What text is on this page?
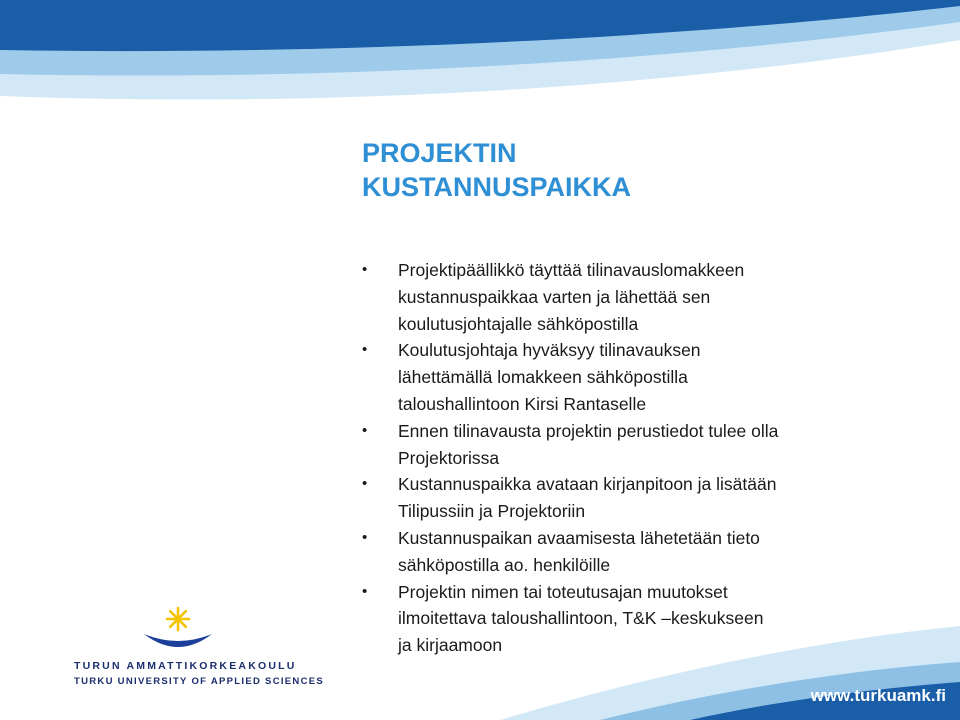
PROJEKTIN
KUSTANNUSPAIKKA
• Projektipäällikkö täyttää tilinavauslomakkeen
kustannuspaikkaa varten ja lähettää sen
koulutusjohtajalle sähköpostilla
• Koulutusjohtaja hyväksyy tilinavauksen
lähettämällä lomakkeen sähköpostilla
taloushallintoon Kirsi Rantaselle
• Ennen tilinavausta projektin perustiedot tulee olla
Projektorissa
• Kustannuspaikka avataan kirjanpitoon ja lisätään
Tilipussiin ja Projektoriin
• Kustannuspaikan avaamisesta lähetetään tieto
sähköpostilla ao. henkilöille
• Projektin nimen tai toteutusajan muutokset
ilmoitettava taloushallintoon, T&K –keskukseen
ja kirjaamoon
TURUN AMMATTIKORKEAKOULU
TURKU UNIVERSITY OF APPLIED SCIENCES
www.turkuamk.fi
